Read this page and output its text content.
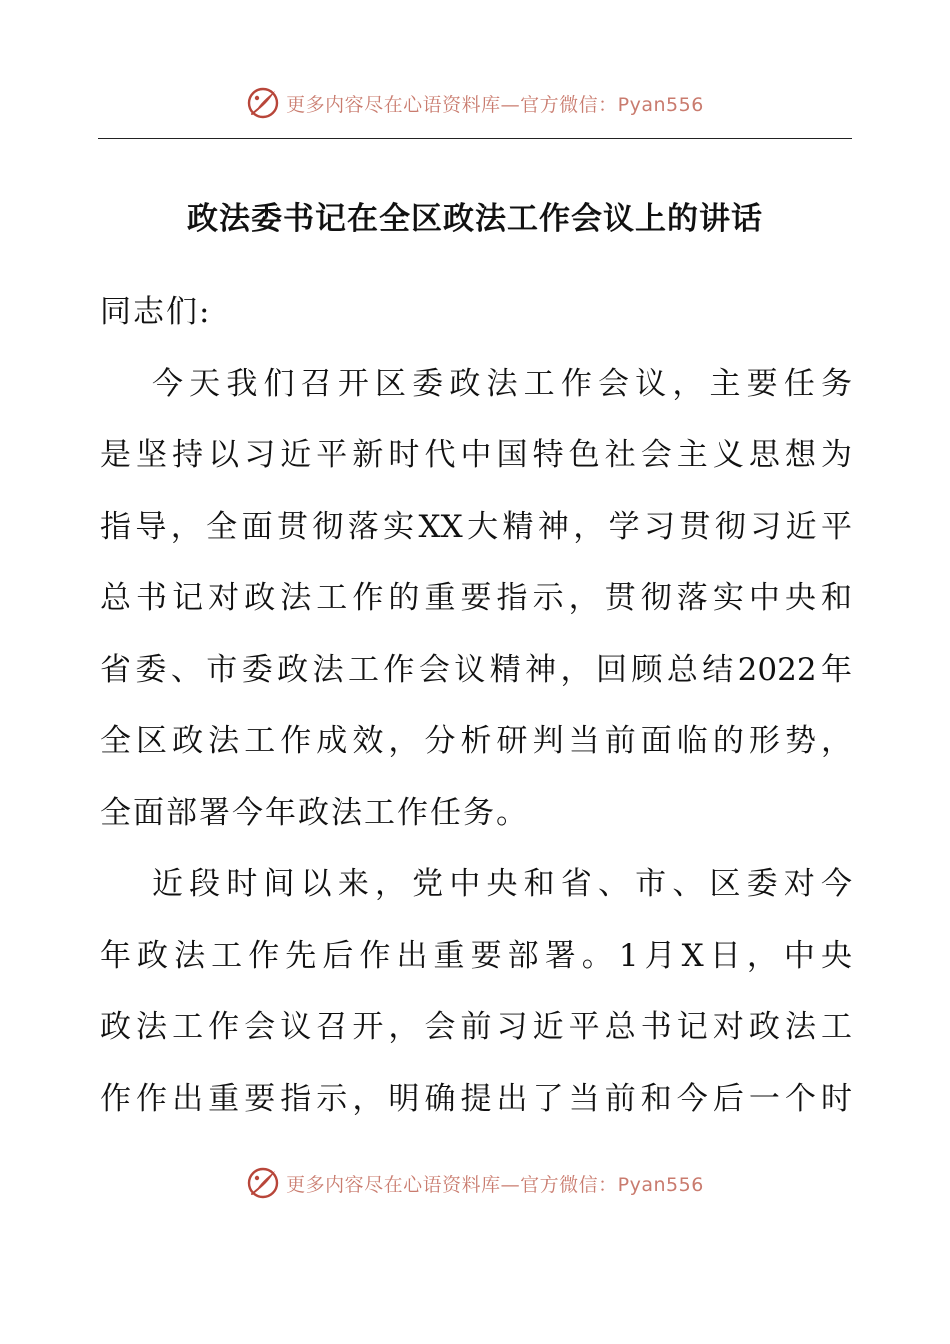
更多内容尽在心语资料库—官方微信：Pyan556
政法委书记在全区政法工作会议上的讲话
同志们:
今天我们召开区委政法工作会议，主要任务
是坚持以习近平新时代中国特色社会主义思想为
指导，全面贯彻落实XX大精神，学习贯彻习近平
总书记对政法工作的重要指示，贯彻落实中央和
省委、市委政法工作会议精神，回顾总结2022年
全区政法工作成效，分析研判当前面临的形势，
全面部署今年政法工作任务。
近段时间以来，党中央和省、市、区委对今
年政法工作先后作出重要部署。1月X日，中央
政法工作会议召开，会前习近平总书记对政法工
作作出重要指示，明确提出了当前和今后一个时
更多内容尽在心语资料库—官方微信：Pyan556
